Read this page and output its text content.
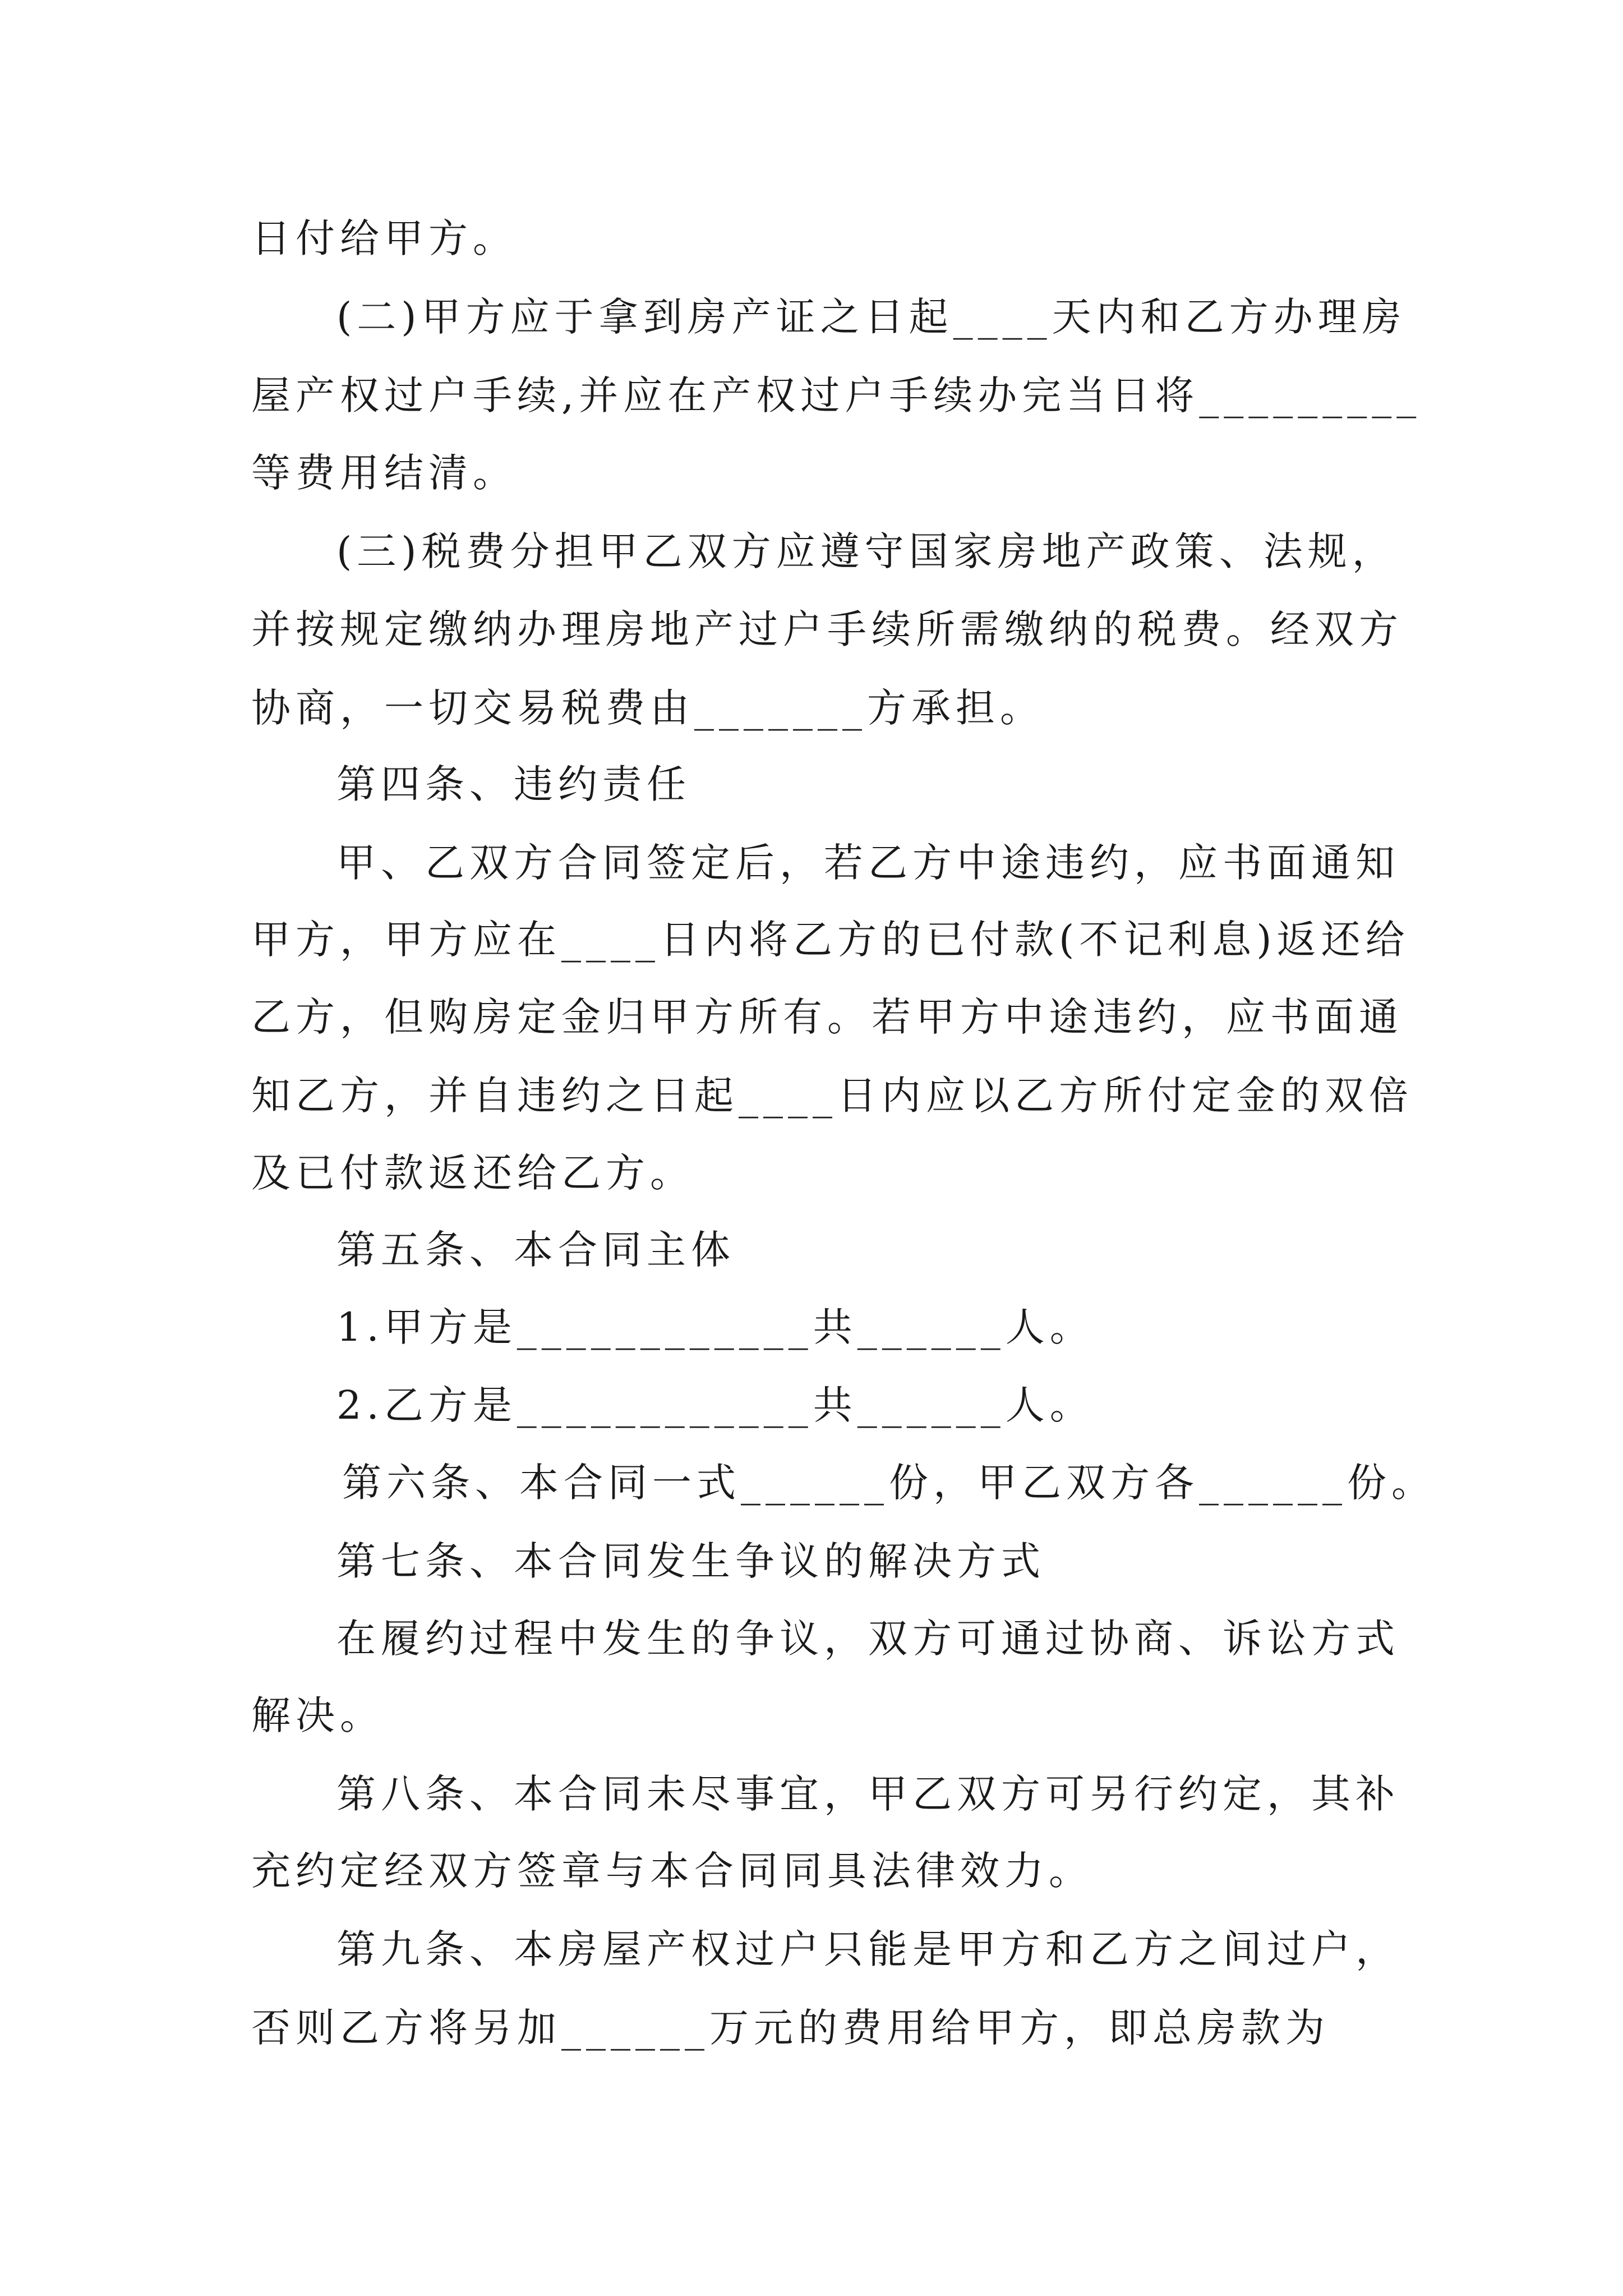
日付给甲方。
(二)甲方应于拿到房产证之日起____天内和乙方办理房
屋产权过户手续,并应在产权过户手续办完当日将_________
等费用结清。
(三)税费分担甲乙双方应遵守国家房地产政策、法规，
并按规定缴纳办理房地产过户手续所需缴纳的税费。经双方
协商，一切交易税费由_______方承担。
第四条、违约责任
甲、乙双方合同签定后，若乙方中途违约，应书面通知
甲方，甲方应在____日内将乙方的已付款(不记利息)返还给
乙方，但购房定金归甲方所有。若甲方中途违约，应书面通
知乙方，并自违约之日起____日内应以乙方所付定金的双倍
及已付款返还给乙方。
第五条、本合同主体
1.甲方是____________共______人。
2.乙方是____________共______人。
第六条、本合同一式______份，甲乙双方各______份。
第七条、本合同发生争议的解决方式
在履约过程中发生的争议，双方可通过协商、诉讼方式
解决。
第八条、本合同未尽事宜，甲乙双方可另行约定，其补
充约定经双方签章与本合同同具法律效力。
第九条、本房屋产权过户只能是甲方和乙方之间过户，
否则乙方将另加______万元的费用给甲方，即总房款为
